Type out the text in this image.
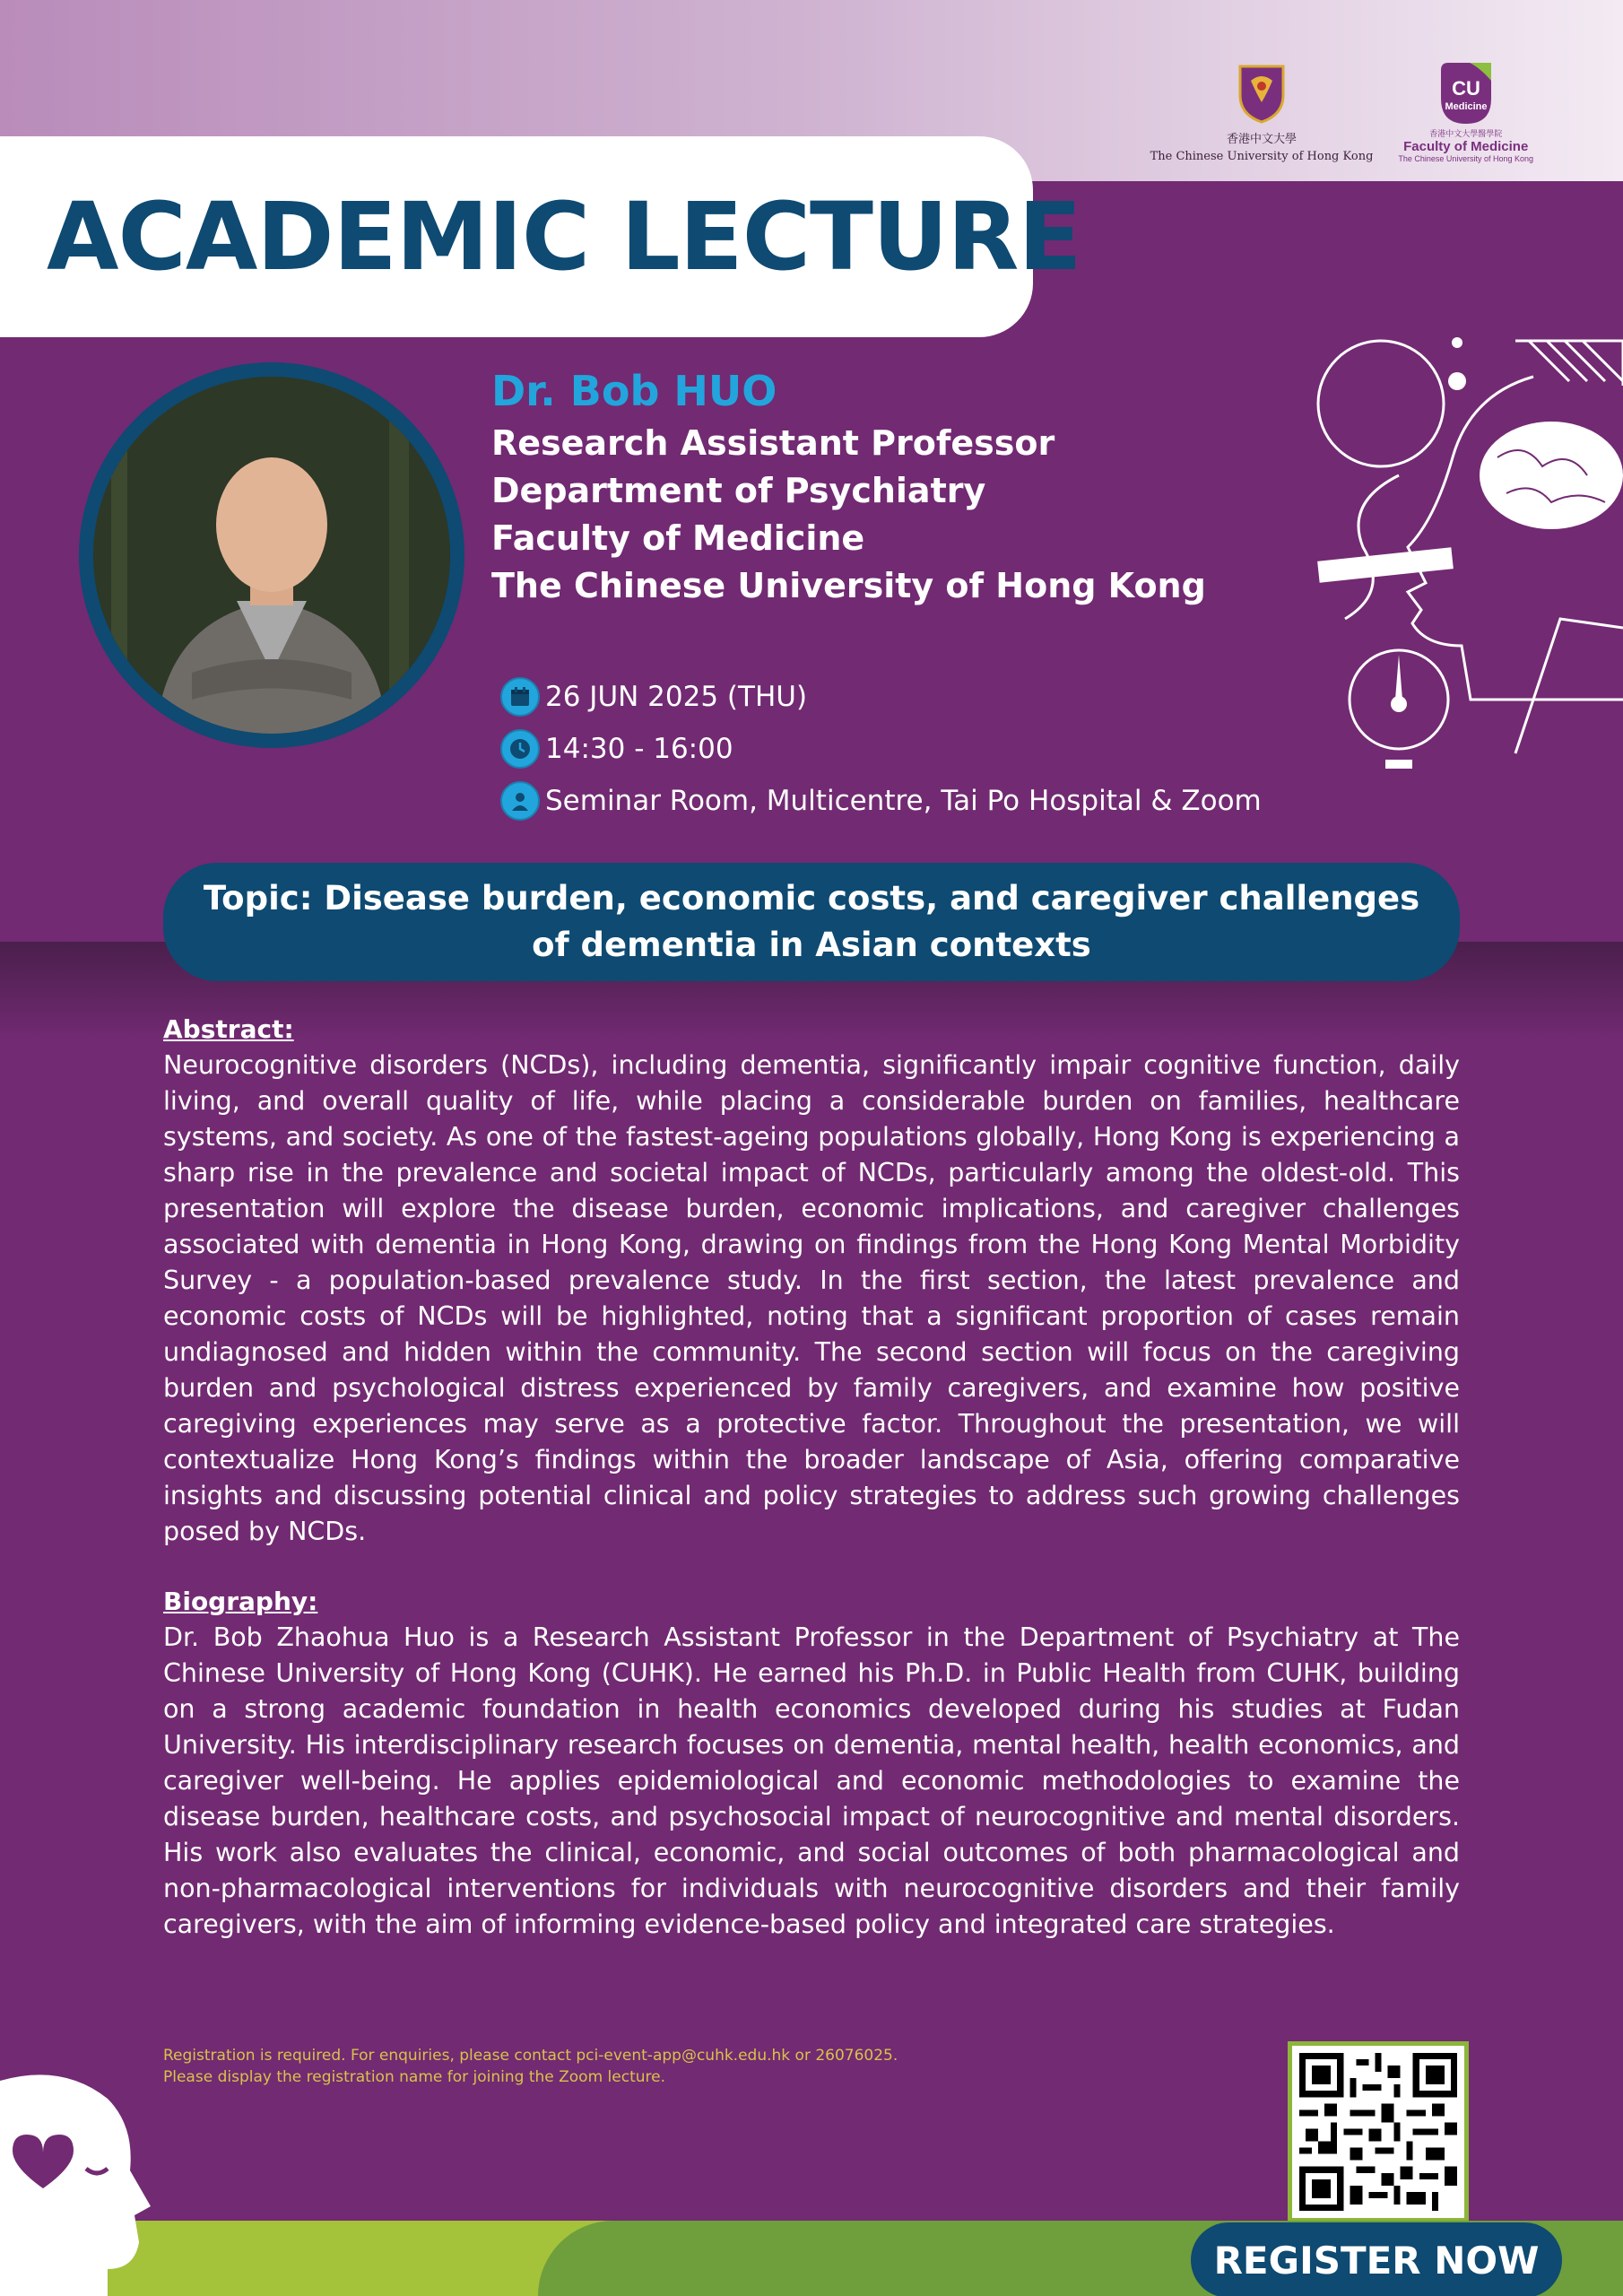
香港中文大學
The Chinese University of Hong Kong
CU
Medicine
香港中文大學醫學院
Faculty of Medicine
The Chinese University of Hong Kong
ACADEMIC LECTURE
Dr. Bob HUO
Research Assistant Professor
Department of Psychiatry
Faculty of Medicine
The Chinese University of Hong Kong
26 JUN 2025 (THU)
14:30 - 16:00
Seminar Room, Multicentre, Tai Po Hospital & Zoom

Topic: Disease burden, economic costs, and caregiver challenges of dementia in Asian contexts

Abstract:

Neurocognitive disorders (NCDs), including dementia, significantly impair cognitive function, daily living, and overall quality of life, while placing a considerable burden on families, healthcare systems, and society. As one of the fastest-ageing populations globally, Hong Kong is experiencing a sharp rise in the prevalence and societal impact of NCDs, particularly among the oldest-old. This presentation will explore the disease burden, economic implications, and caregiver challenges associated with dementia in Hong Kong, drawing on findings from the Hong Kong Mental Morbidity Survey - a population-based prevalence study. In the first section, the latest prevalence and economic costs of NCDs will be highlighted, noting that a significant proportion of cases remain undiagnosed and hidden within the community. The second section will focus on the caregiving burden and psychological distress experienced by family caregivers, and examine how positive caregiving experiences may serve as a protective factor. Throughout the presentation, we will contextualize Hong Kong’s findings within the broader landscape of Asia, offering comparative insights and discussing potential clinical and policy strategies to address such growing challenges posed by NCDs.

Biography:

Dr. Bob Zhaohua Huo is a Research Assistant Professor in the Department of Psychiatry at The Chinese University of Hong Kong (CUHK). He earned his Ph.D. in Public Health from CUHK, building on a strong academic foundation in health economics developed during his studies at Fudan University. His interdisciplinary research focuses on dementia, mental health, health economics, and caregiver well-being. He applies epidemiological and economic methodologies to examine the disease burden, healthcare costs, and psychosocial impact of neurocognitive and mental disorders. His work also evaluates the clinical, economic, and social outcomes of both pharmacological and non-pharmacological interventions for individuals with neurocognitive disorders and their family caregivers, with the aim of informing evidence-based policy and integrated care strategies.

Registration is required. For enquiries, please contact pci-event-app@cuhk.edu.hk or 26076025.
Please display the registration name for joining the Zoom lecture.
REGISTER NOW
